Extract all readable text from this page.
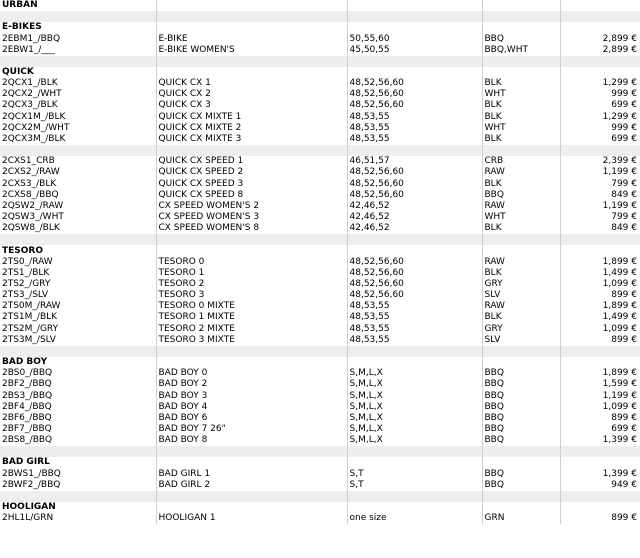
URBAN				

E-BIKES				
2EBM1_/BBQ	E-BIKE	50,55,60	BBQ	2,899 €
2EBW1_/___	E-BIKE WOMEN'S	45,50,55	BBQ,WHT	2,899 €

QUICK				
2QCX1_/BLK	QUICK CX 1	48,52,56,60	BLK	1,299 €
2QCX2_/WHT	QUICK CX 2	48,52,56,60	WHT	999 €
2QCX3_/BLK	QUICK CX 3	48,52,56,60	BLK	699 €
2QCX1M_/BLK	QUICK CX MIXTE 1	48,53,55	BLK	1,299 €
2QCX2M_/WHT	QUICK CX MIXTE 2	48,53,55	WHT	999 €
2QCX3M_/BLK	QUICK CX MIXTE 3	48,53,55	BLK	699 €

2CXS1_CRB	QUICK CX SPEED 1	46,51,57	CRB	2,399 €
2CXS2_/RAW	QUICK CX SPEED 2	48,52,56,60	RAW	1,199 €
2CXS3_/BLK	QUICK CX SPEED 3	48,52,56,60	BLK	799 €
2CXS8_/BBQ	QUICK CX SPEED 8	48,52,56,60	BBQ	849 €
2QSW2_/RAW	CX SPEED WOMEN'S 2	42,46,52	RAW	1,199 €
2QSW3_/WHT	CX SPEED WOMEN'S 3	42,46,52	WHT	799 €
2QSW8_/BLK	CX SPEED WOMEN'S 8	42,46,52	BLK	849 €

TESORO				
2TS0_/RAW	TESORO 0	48,52,56,60	RAW	1,899 €
2TS1_/BLK	TESORO 1	48,52,56,60	BLK	1,499 €
2TS2_/GRY	TESORO 2	48,52,56,60	GRY	1,099 €
2TS3_/SLV	TESORO 3	48,52,56,60	SLV	899 €
2TS0M_/RAW	TESORO 0 MIXTE	48,53,55	RAW	1,899 €
2TS1M_/BLK	TESORO 1 MIXTE	48,53,55	BLK	1,499 €
2TS2M_/GRY	TESORO 2 MIXTE	48,53,55	GRY	1,099 €
2TS3M_/SLV	TESORO 3 MIXTE	48,53,55	SLV	899 €

BAD BOY				
2BS0_/BBQ	BAD BOY 0	S,M,L,X	BBQ	1,899 €
2BF2_/BBQ	BAD BOY 2	S,M,L,X	BBQ	1,599 €
2BS3_/BBQ	BAD BOY 3	S,M,L,X	BBQ	1,199 €
2BF4_/BBQ	BAD BOY 4	S,M,L,X	BBQ	1,099 €
2BF6_/BBQ	BAD BOY 6	S,M,L,X	BBQ	899 €
2BF7_/BBQ	BAD BOY 7 26"	S,M,L,X	BBQ	699 €
2BS8_/BBQ	BAD BOY 8	S,M,L,X	BBQ	1,399 €

BAD GIRL				
2BWS1_/BBQ	BAD GIRL 1	S,T	BBQ	1,399 €
2BWF2_/BBQ	BAD GIRL 2	S,T	BBQ	949 €

HOOLIGAN				
2HL1L/GRN	HOOLIGAN 1	one size	GRN	899 €
